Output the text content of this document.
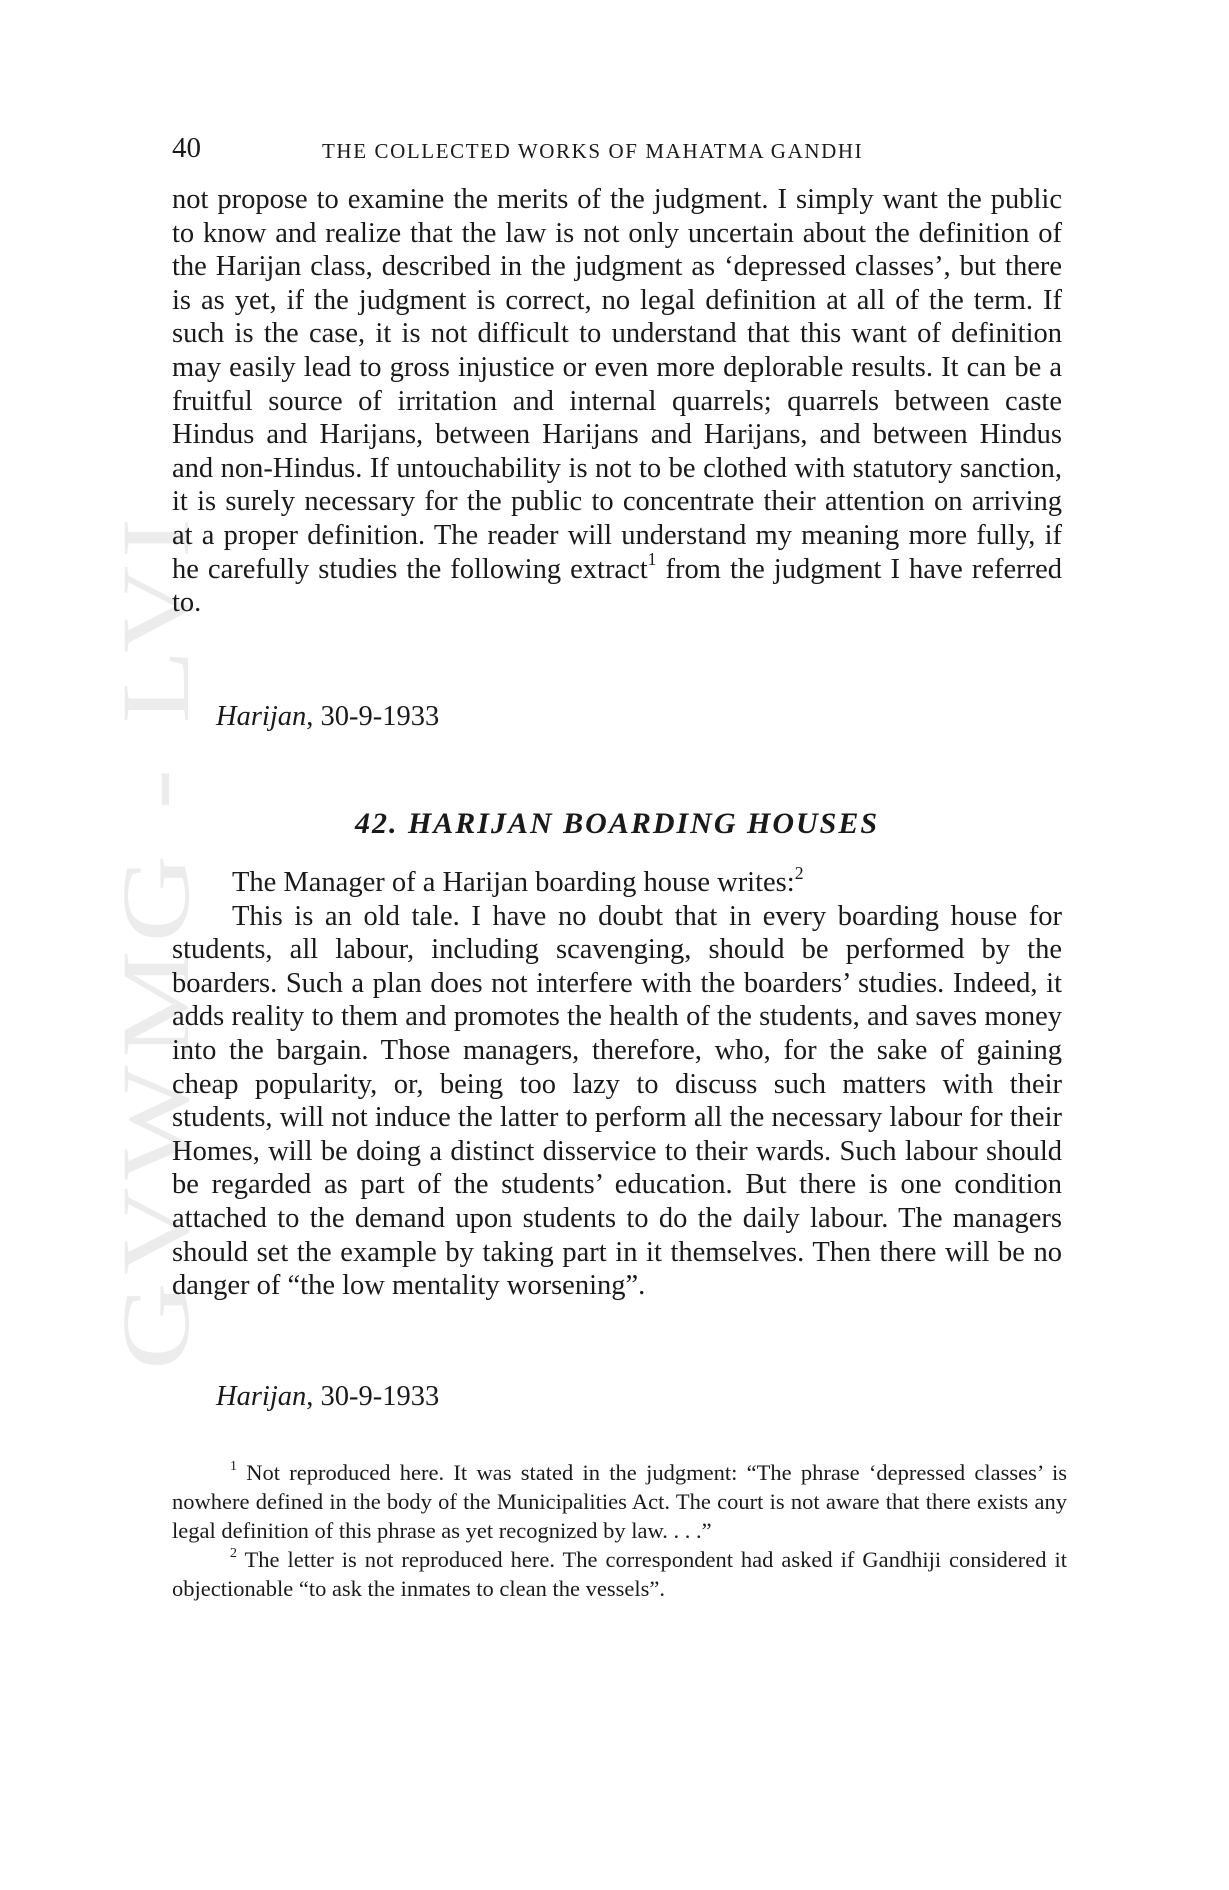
GVWMG - LVI
40	THE COLLECTED WORKS OF MAHATMA GANDHI

not propose to examine the merits of the judgment. I simply want the public to know and realize that the law is not only uncertain about the definition of the Harijan class, described in the judgment as ‘depressed classes’, but there is as yet, if the judgment is correct, no legal definition at all of the term. If such is the case, it is not difficult to understand that this want of definition may easily lead to gross injustice or even more deplorable results. It can be a fruitful source of irritation and internal quarrels; quarrels between caste Hindus and Harijans, between Harijans and Harijans, and between Hindus and non-Hindus. If untouchability is not to be clothed with statutory sanction, it is surely necessary for the public to concentrate their attention on arriving at a proper definition. The reader will understand my meaning more fully, if he carefully studies the following extract$^1$ from the judgment I have referred to.

Harijan, 30-9-1933

42. HARIJAN BOARDING HOUSES

The Manager of a Harijan boarding house writes:$^2$

This is an old tale. I have no doubt that in every boarding house for students, all labour, including scavenging, should be performed by the boarders. Such a plan does not interfere with the boarders’ studies. Indeed, it adds reality to them and promotes the health of the students, and saves money into the bargain. Those managers, therefore, who, for the sake of gaining cheap popularity, or, being too lazy to discuss such matters with their students, will not induce the latter to perform all the necessary labour for their Homes, will be doing a distinct disservice to their wards. Such labour should be regarded as part of the students’ education. But there is one condition attached to the demand upon students to do the daily labour. The managers should set the example by taking part in it themselves. Then there will be no danger of “the low mentality worsening”.

Harijan, 30-9-1933

$^1$ Not reproduced here. It was stated in the judgment: “The phrase ‘depressed classes’ is nowhere defined in the body of the Municipalities Act. The court is not aware that there exists any legal definition of this phrase as yet recognized by law. . . .”

$^2$ The letter is not reproduced here. The correspondent had asked if Gandhiji considered it objectionable “to ask the inmates to clean the vessels”.
